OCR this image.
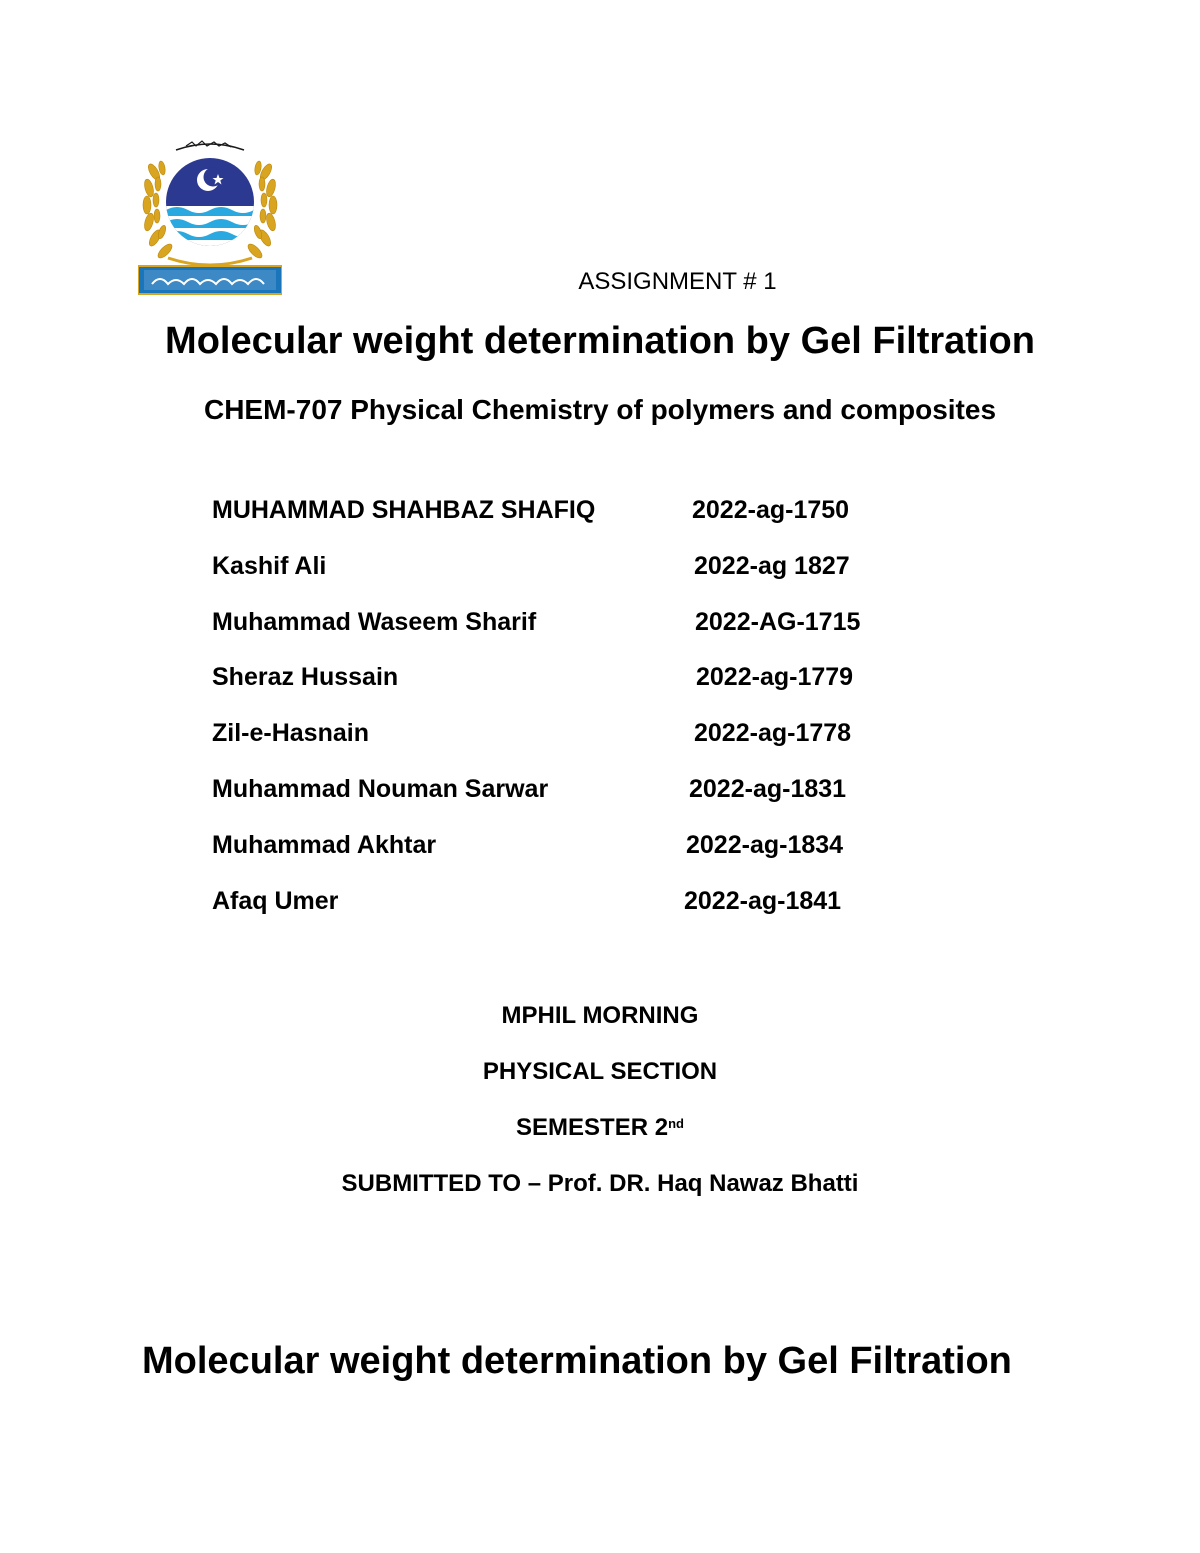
ASSIGNMENT # 1
Molecular weight determination by Gel Filtration
CHEM-707 Physical Chemistry of polymers and composites
MUHAMMAD SHAHBAZ SHAFIQ	2022-ag-1750
Kashif Ali	2022-ag 1827
Muhammad Waseem Sharif	2022-AG-1715
Sheraz Hussain	2022-ag-1779
Zil-e-Hasnain	2022-ag-1778
Muhammad Nouman Sarwar	2022-ag-1831
Muhammad Akhtar	2022-ag-1834
Afaq Umer	2022-ag-1841
MPHIL MORNING
PHYSICAL SECTION
SEMESTER 2nd
SUBMITTED TO – Prof. DR. Haq Nawaz Bhatti
Molecular weight determination by Gel Filtration
